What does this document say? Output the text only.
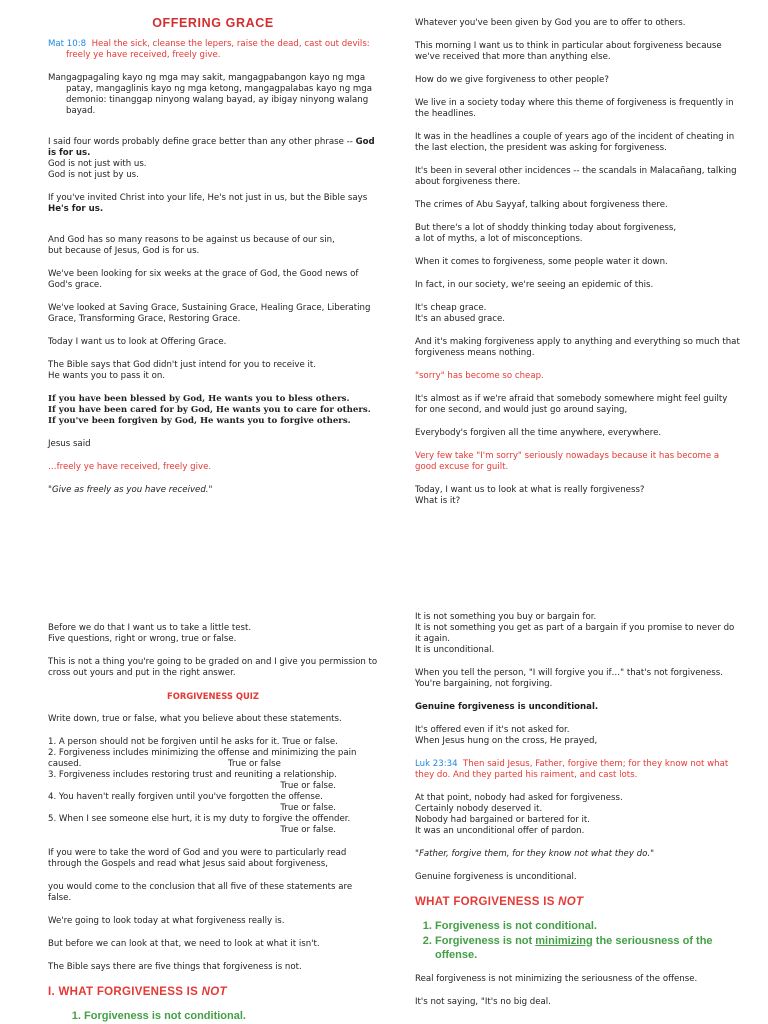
OFFERING GRACE

Mat 10:8 Heal the sick, cleanse the lepers, raise the dead, cast out devils: freely ye have received, freely give.

Mangagpagaling kayo ng mga may sakit, mangagpabangon kayo ng mga patay, mangaglinis kayo ng mga ketong, mangagpalabas kayo ng mga demonio: tinanggap ninyong walang bayad, ay ibigay ninyong walang bayad.

I said four words probably define grace better than any other phrase -- God is for us.
God is not just with us.
God is not just by us.

If you've invited Christ into your life, He's not just in us, but the Bible says
He's for us.

And God has so many reasons to be against us because of our sin,
but because of Jesus, God is for us.

We've been looking for six weeks at the grace of God, the Good news of God's grace.

We've looked at Saving Grace, Sustaining Grace, Healing Grace, Liberating Grace, Transforming Grace, Restoring Grace.

Today I want us to look at Offering Grace.

The Bible says that God didn't just intend for you to receive it.
He wants you to pass it on.

If you have been blessed by God, He wants you to bless others.
If you have been cared for by God, He wants you to care for others.
If you've been forgiven by God, He wants you to forgive others.

Jesus said

…freely ye have received, freely give.

"Give as freely as you have received."

Whatever you've been given by God you are to offer to others.

This morning I want us to think in particular about forgiveness because we've received that more than anything else.

How do we give forgiveness to other people?

We live in a society today where this theme of forgiveness is frequently in the headlines.

It was in the headlines a couple of years ago of the incident of cheating in the last election, the president was asking for forgiveness.

It's been in several other incidences -- the scandals in Malacañang, talking about forgiveness there.

The crimes of Abu Sayyaf, talking about forgiveness there.

But there's a lot of shoddy thinking today about forgiveness,
a lot of myths, a lot of misconceptions.

When it comes to forgiveness, some people water it down.

In fact, in our society, we're seeing an epidemic of this.

It's cheap grace.
It's an abused grace.

And it's making forgiveness apply to anything and everything so much that forgiveness means nothing.

"sorry" has become so cheap.

It's almost as if we're afraid that somebody somewhere might feel guilty for one second, and would just go around saying,

Everybody's forgiven all the time anywhere, everywhere.

Very few take "I'm sorry" seriously nowadays because it has become a good excuse for guilt.

Today, I want us to look at what is really forgiveness?
What is it?

Before we do that I want us to take a little test.
Five questions, right or wrong, true or false.

This is not a thing you're going to be graded on and I give you permission to cross out yours and put in the right answer.

FORGIVENESS QUIZ

Write down, true or false, what you believe about these statements.

1. A person should not be forgiven until he asks for it. True or false.
2. Forgiveness includes minimizing the offense and minimizing the pain caused.	True or false
3. Forgiveness includes restoring trust and reuniting a relationship.
True or false.
4. You haven't really forgiven until you've forgotten the offense.
True or false.
5. When I see someone else hurt, it is my duty to forgive the offender.
True or false.

If you were to take the word of God and you were to particularly read through the Gospels and read what Jesus said about forgiveness,

you would come to the conclusion that all five of these statements are false.

We're going to look today at what forgiveness really is.

But before we can look at that, we need to look at what it isn't.

The Bible says there are five things that forgiveness is not.

I. WHAT FORGIVENESS IS NOT
1. Forgiveness is not conditional.

It is not something you buy or bargain for.
It is not something you get as part of a bargain if you promise to never do it again.
It is unconditional.

When you tell the person, "I will forgive you if…" that's not forgiveness.
You're bargaining, not forgiving.

Genuine forgiveness is unconditional.

It's offered even if it's not asked for.
When Jesus hung on the cross, He prayed,

Luk 23:34 Then said Jesus, Father, forgive them; for they know not what they do. And they parted his raiment, and cast lots.

At that point, nobody had asked for forgiveness.
Certainly nobody deserved it.
Nobody had bargained or bartered for it.
It was an unconditional offer of pardon.

"Father, forgive them, for they know not what they do."

Genuine forgiveness is unconditional.

WHAT FORGIVENESS IS NOT
1. Forgiveness is not conditional.
2. Forgiveness is not minimizing the seriousness of the offense.

Real forgiveness is not minimizing the seriousness of the offense.

It's not saying, "It's no big deal.
